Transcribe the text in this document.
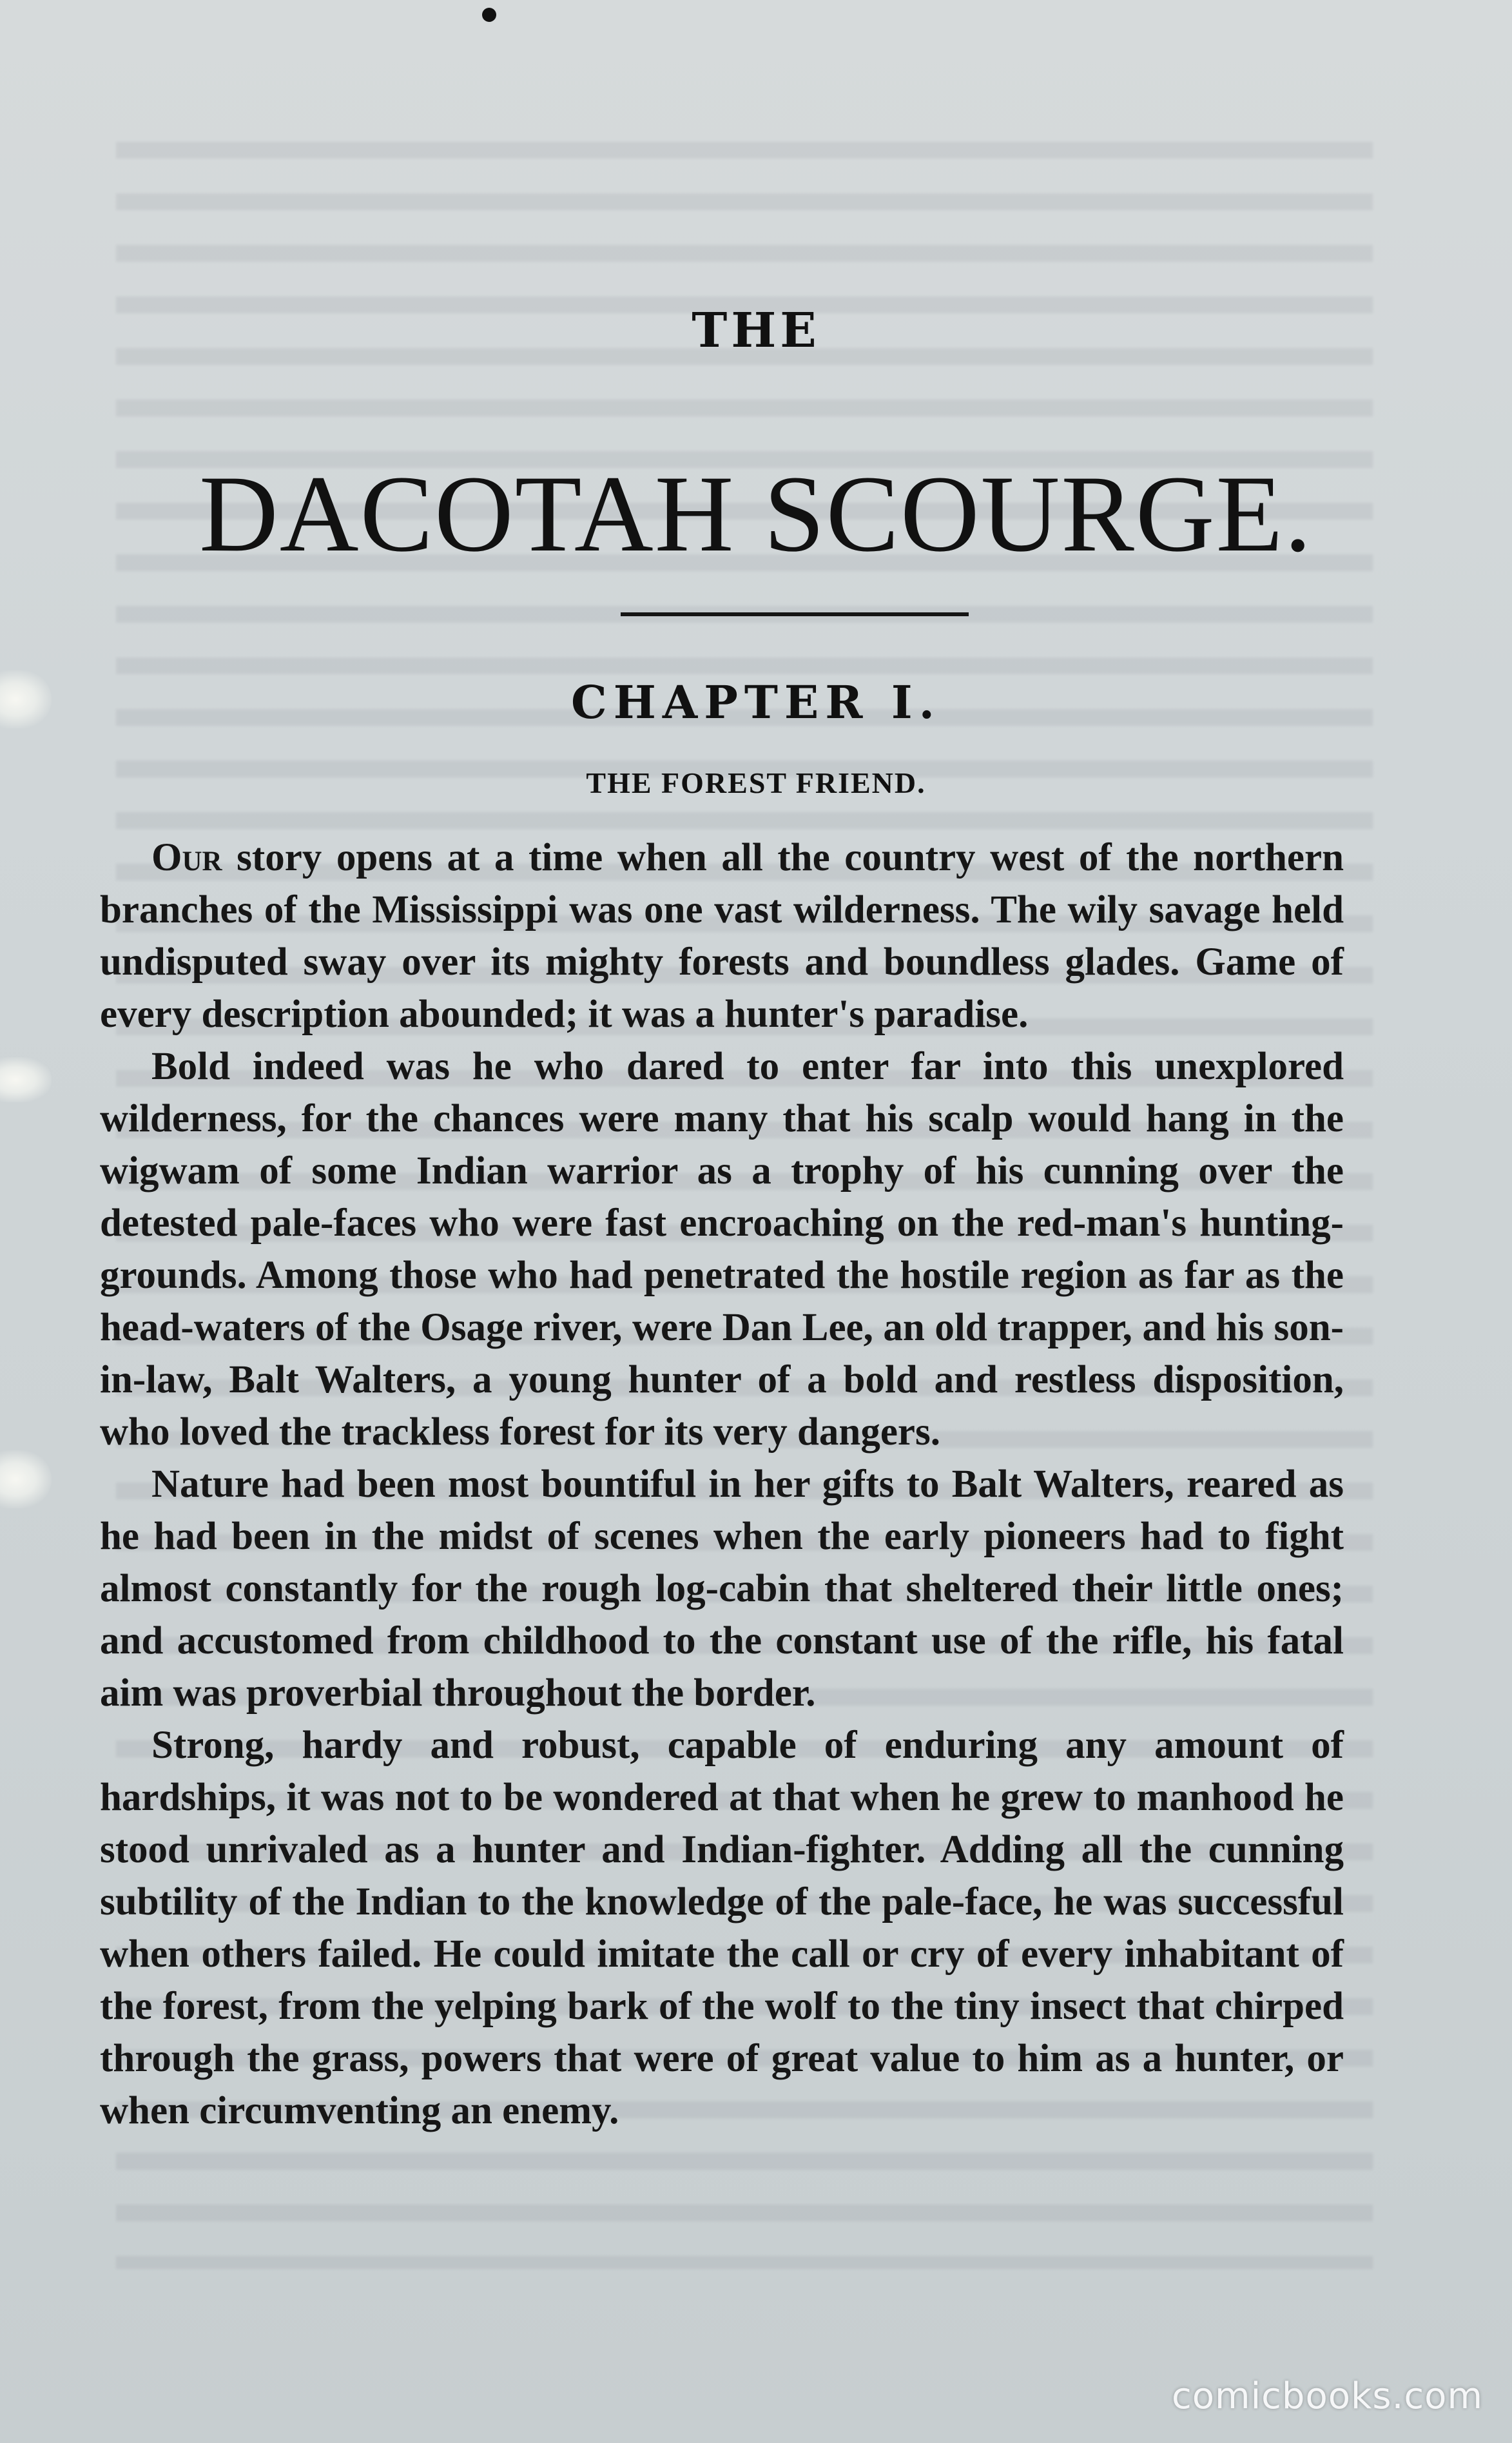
THE
DACOTAH SCOURGE.
CHAPTER I.
THE FOREST FRIEND.

Our story opens at a time when all the country west of the northern branches of the Mississippi was one vast wilderness. The wily savage held undisputed sway over its mighty forests and boundless glades. Game of every description abounded; it was a hunter's paradise.

Bold indeed was he who dared to enter far into this unexplored wilderness, for the chances were many that his scalp would hang in the wigwam of some Indian warrior as a trophy of his cunning over the detested pale-faces who were fast encroaching on the red-man's hunting-grounds. Among those who had penetrated the hostile region as far as the head-waters of the Osage river, were Dan Lee, an old trapper, and his son-in-law, Balt Walters, a young hunter of a bold and restless disposition, who loved the trackless forest for its very dangers.

Nature had been most bountiful in her gifts to Balt Walters, reared as he had been in the midst of scenes when the early pioneers had to fight almost constantly for the rough log-cabin that sheltered their little ones; and accustomed from childhood to the constant use of the rifle, his fatal aim was proverbial throughout the border.

Strong, hardy and robust, capable of enduring any amount of hardships, it was not to be wondered at that when he grew to manhood he stood unrivaled as a hunter and Indian-fighter. Adding all the cunning subtility of the Indian to the knowledge of the pale-face, he was successful when others failed. He could imitate the call or cry of every inhabitant of the forest, from the yelping bark of the wolf to the tiny insect that chirped through the grass, powers that were of great value to him as a hunter, or when circumventing an enemy.

comicbooks.com
